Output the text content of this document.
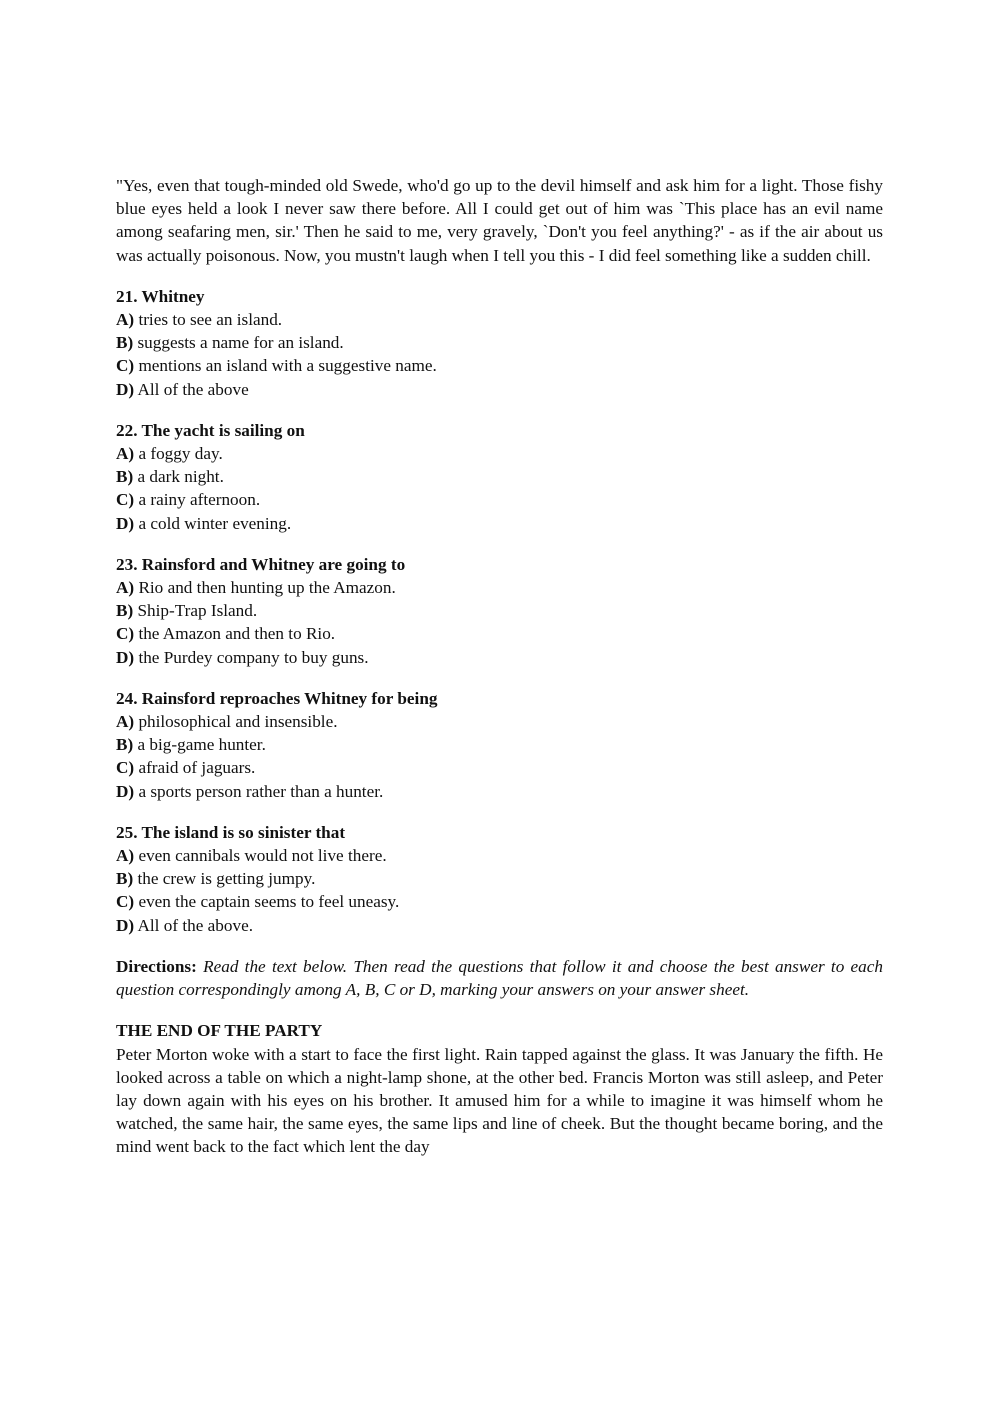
"Yes, even that tough-minded old Swede, who'd go up to the devil himself and ask him for a light. Those fishy blue eyes held a look I never saw there before. All I could get out of him was `This place has an evil name among seafaring men, sir.' Then he said to me, very gravely, `Don't you feel anything?' - as if the air about us was actually poisonous. Now, you mustn't laugh when I tell you this - I did feel something like a sudden chill.

21. Whitney

A) tries to see an island.

B) suggests a name for an island.

C) mentions an island with a suggestive name.

D) All of the above

22. The yacht is sailing on

A) a foggy day.

B) a dark night.

C) a rainy afternoon.

D) a cold winter evening.

23. Rainsford and Whitney are going to

A) Rio and then hunting up the Amazon.

B) Ship-Trap Island.

C) the Amazon and then to Rio.

D) the Purdey company to buy guns.

24. Rainsford reproaches Whitney for being

A) philosophical and insensible.

B) a big-game hunter.

C) afraid of jaguars.

D) a sports person rather than a hunter.

25. The island is so sinister that

A) even cannibals would not live there.

B) the crew is getting jumpy.

C) even the captain seems to feel uneasy.

D) All of the above.

Directions: Read the text below. Then read the questions that follow it and choose the best answer to each question correspondingly among A, B, C or D, marking your answers on your answer sheet.

THE END OF THE PARTY

Peter Morton woke with a start to face the first light. Rain tapped against the glass. It was January the fifth. He looked across a table on which a night-lamp shone, at the other bed. Francis Morton was still asleep, and Peter lay down again with his eyes on his brother. It amused him for a while to imagine it was himself whom he watched, the same hair, the same eyes, the same lips and line of cheek. But the thought became boring, and the mind went back to the fact which lent the day
